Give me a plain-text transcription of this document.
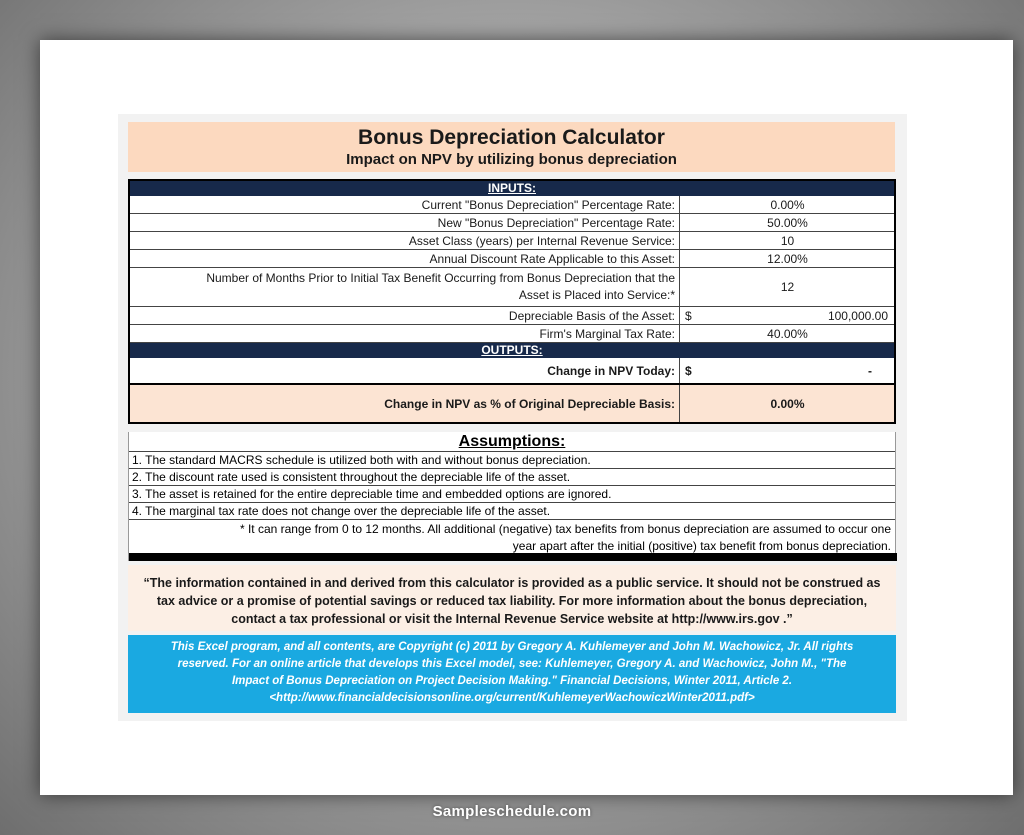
Bonus Depreciation Calculator
Impact on NPV by utilizing bonus depreciation
INPUTS:
Current "Bonus Depreciation" Percentage Rate:	0.00%
New "Bonus Depreciation" Percentage Rate:	50.00%
Asset Class (years) per Internal Revenue Service:	10
Annual Discount Rate Applicable to this Asset:	12.00%
Number of Months Prior to Initial Tax Benefit Occurring from Bonus Depreciation that the
Asset is Placed into Service:*
12
Depreciable Basis of the Asset: $	100,000.00
Firm's Marginal Tax Rate:	40.00%
OUTPUTS:
Change in NPV Today: $	-
Change in NPV as % of Original Depreciable Basis:	0.00%
Assumptions:
1. The standard MACRS schedule is utilized both with and without bonus depreciation.
2. The discount rate used is consistent throughout the depreciable life of the asset.
3. The asset is retained for the entire depreciable time and embedded options are ignored.
4. The marginal tax rate does not change over the depreciable life of the asset.
* It can range from 0 to 12 months. All additional (negative) tax benefits from bonus depreciation are assumed to occur one
year apart after the initial (positive) tax benefit from bonus depreciation.
“The information contained in and derived from this calculator is provided as a public service. It should not be construed as
tax advice or a promise of potential savings or reduced tax liability. For more information about the bonus depreciation,
contact a tax professional or visit the Internal Revenue Service website at http://www.irs.gov .”
This Excel program, and all contents, are Copyright (c) 2011 by Gregory A. Kuhlemeyer and John M. Wachowicz, Jr. All rights
reserved. For an online article that develops this Excel model, see: Kuhlemeyer, Gregory A. and Wachowicz, John M., "The
Impact of Bonus Depreciation on Project Decision Making." Financial Decisions, Winter 2011, Article 2.
<http://www.financialdecisionsonline.org/current/KuhlemeyerWachowiczWinter2011.pdf>
Sampleschedule.com
